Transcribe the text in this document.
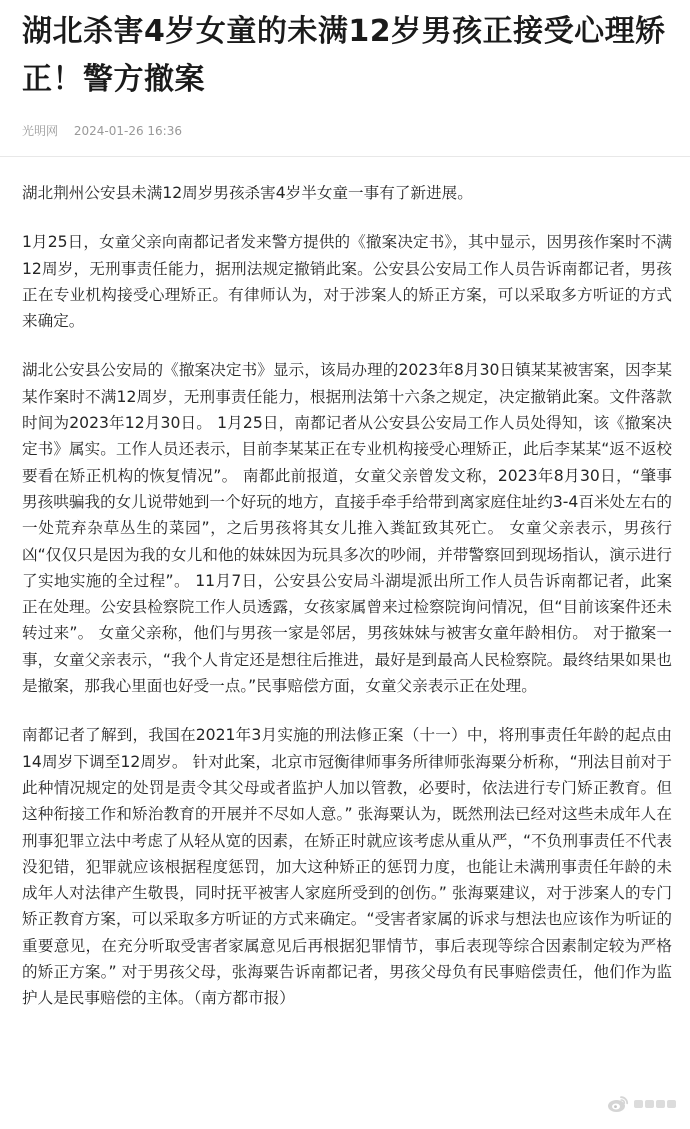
湖北杀害4岁女童的未满12岁男孩正接受心理矫正！警方撤案
光明网 2024-01-26 16:36

湖北荆州公安县未满12周岁男孩杀害4岁半女童一事有了新进展。

1月25日，女童父亲向南都记者发来警方提供的《撤案决定书》，其中显示，因男孩作案时不满12周岁，无刑事责任能力，据刑法规定撤销此案。公安县公安局工作人员告诉南都记者，男孩正在专业机构接受心理矫正。有律师认为，对于涉案人的矫正方案，可以采取多方听证的方式来确定。

湖北公安县公安局的《撤案决定书》显示，该局办理的2023年8月30日镇某某被害案，因李某某作案时不满12周岁，无刑事责任能力，根据刑法第十六条之规定，决定撤销此案。文件落款时间为2023年12月30日。 1月25日，南都记者从公安县公安局工作人员处得知，该《撤案决定书》属实。工作人员还表示，目前李某某正在专业机构接受心理矫正，此后李某某“返不返校要看在矫正机构的恢复情况”。 南都此前报道，女童父亲曾发文称，2023年8月30日，“肇事男孩哄骗我的女儿说带她到一个好玩的地方，直接手牵手给带到离家庭住址约3-4百米处左右的一处荒弃杂草丛生的菜园”，之后男孩将其女儿推入粪缸致其死亡。 女童父亲表示，男孩行凶“仅仅只是因为我的女儿和他的妹妹因为玩具多次的吵闹，并带警察回到现场指认，演示进行了实地实施的全过程”。 11月7日，公安县公安局斗湖堤派出所工作人员告诉南都记者，此案正在处理。公安县检察院工作人员透露，女孩家属曾来过检察院询问情况，但“目前该案件还未转过来”。 女童父亲称，他们与男孩一家是邻居，男孩妹妹与被害女童年龄相仿。 对于撤案一事，女童父亲表示，“我个人肯定还是想往后推进，最好是到最高人民检察院。最终结果如果也是撤案，那我心里面也好受一点。”民事赔偿方面，女童父亲表示正在处理。

南都记者了解到，我国在2021年3月实施的刑法修正案（十一）中，将刑事责任年龄的起点由14周岁下调至12周岁。 针对此案，北京市冠衡律师事务所律师张海粟分析称，“刑法目前对于此种情况规定的处罚是责令其父母或者监护人加以管教，必要时，依法进行专门矫正教育。但这种衔接工作和矫治教育的开展并不尽如人意。” 张海粟认为，既然刑法已经对这些未成年人在刑事犯罪立法中考虑了从轻从宽的因素，在矫正时就应该考虑从重从严，“不负刑事责任不代表没犯错，犯罪就应该根据程度惩罚，加大这种矫正的惩罚力度，也能让未满刑事责任年龄的未成年人对法律产生敬畏，同时抚平被害人家庭所受到的创伤。” 张海粟建议，对于涉案人的专门矫正教育方案，可以采取多方听证的方式来确定。“受害者家属的诉求与想法也应该作为听证的重要意见，在充分听取受害者家属意见后再根据犯罪情节，事后表现等综合因素制定较为严格的矫正方案。” 对于男孩父母，张海粟告诉南都记者，男孩父母负有民事赔偿责任，他们作为监护人是民事赔偿的主体。（南方都市报）
